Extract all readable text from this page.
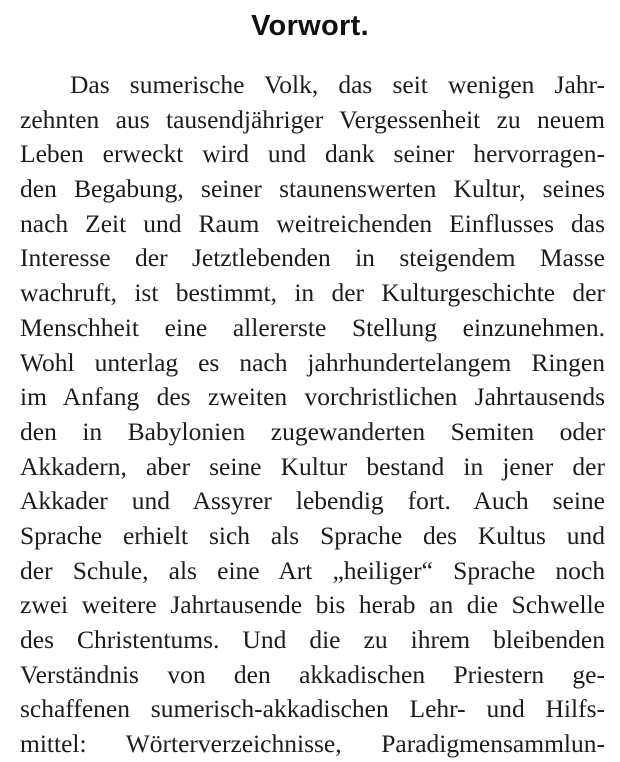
Vorwort.
Das sumerische Volk, das seit wenigen Jahr-
zehnten aus tausendjähriger Vergessenheit zu neuem
Leben erweckt wird und dank seiner hervorragen-
den Begabung, seiner staunenswerten Kultur, seines
nach Zeit und Raum weitreichenden Einflusses das
Interesse der Jetztlebenden in steigendem Masse
wachruft, ist bestimmt, in der Kulturgeschichte der
Menschheit eine allererste Stellung einzunehmen.
Wohl unterlag es nach jahrhundertelangem Ringen
im Anfang des zweiten vorchristlichen Jahrtausends
den in Babylonien zugewanderten Semiten oder
Akkadern, aber seine Kultur bestand in jener der
Akkader und Assyrer lebendig fort. Auch seine
Sprache erhielt sich als Sprache des Kultus und
der Schule, als eine Art „heiliger“ Sprache noch
zwei weitere Jahrtausende bis herab an die Schwelle
des Christentums. Und die zu ihrem bleibenden
Verständnis von den akkadischen Priestern ge-
schaffenen sumerisch-akkadischen Lehr- und Hilfs-
mittel: Wörterverzeichnisse, Paradigmensammlun-
